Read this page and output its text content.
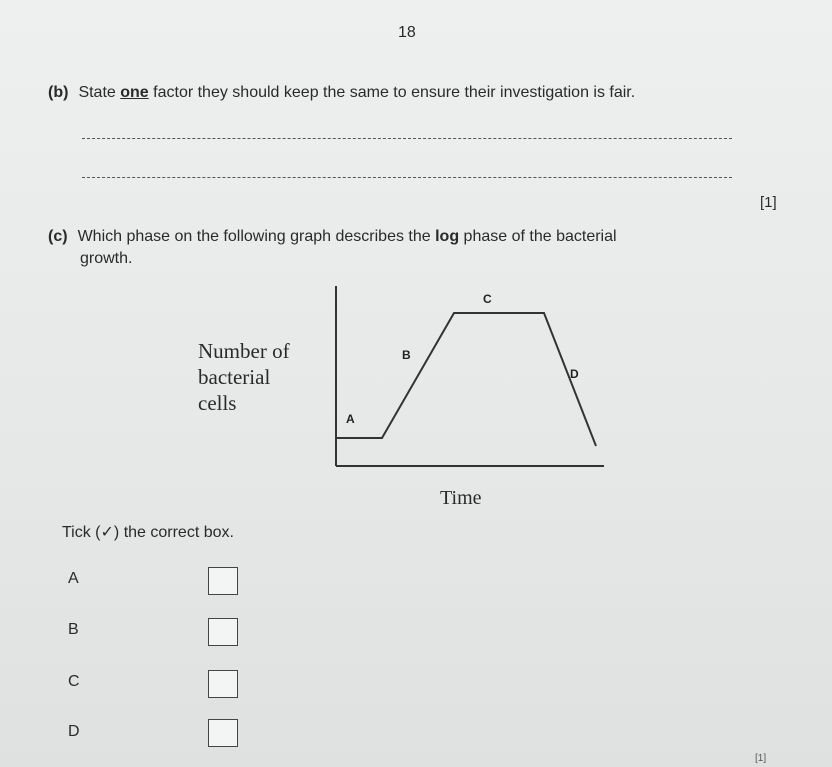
18
(b) State one factor they should keep the same to ensure their investigation is fair.
[1]
(c) Which phase on the following graph describes the log phase of the bacterial
growth.
Number of
bacterial
cells
A
B
C
D
Time
Tick (✓) the correct box.
A
B
C
D
[1]
